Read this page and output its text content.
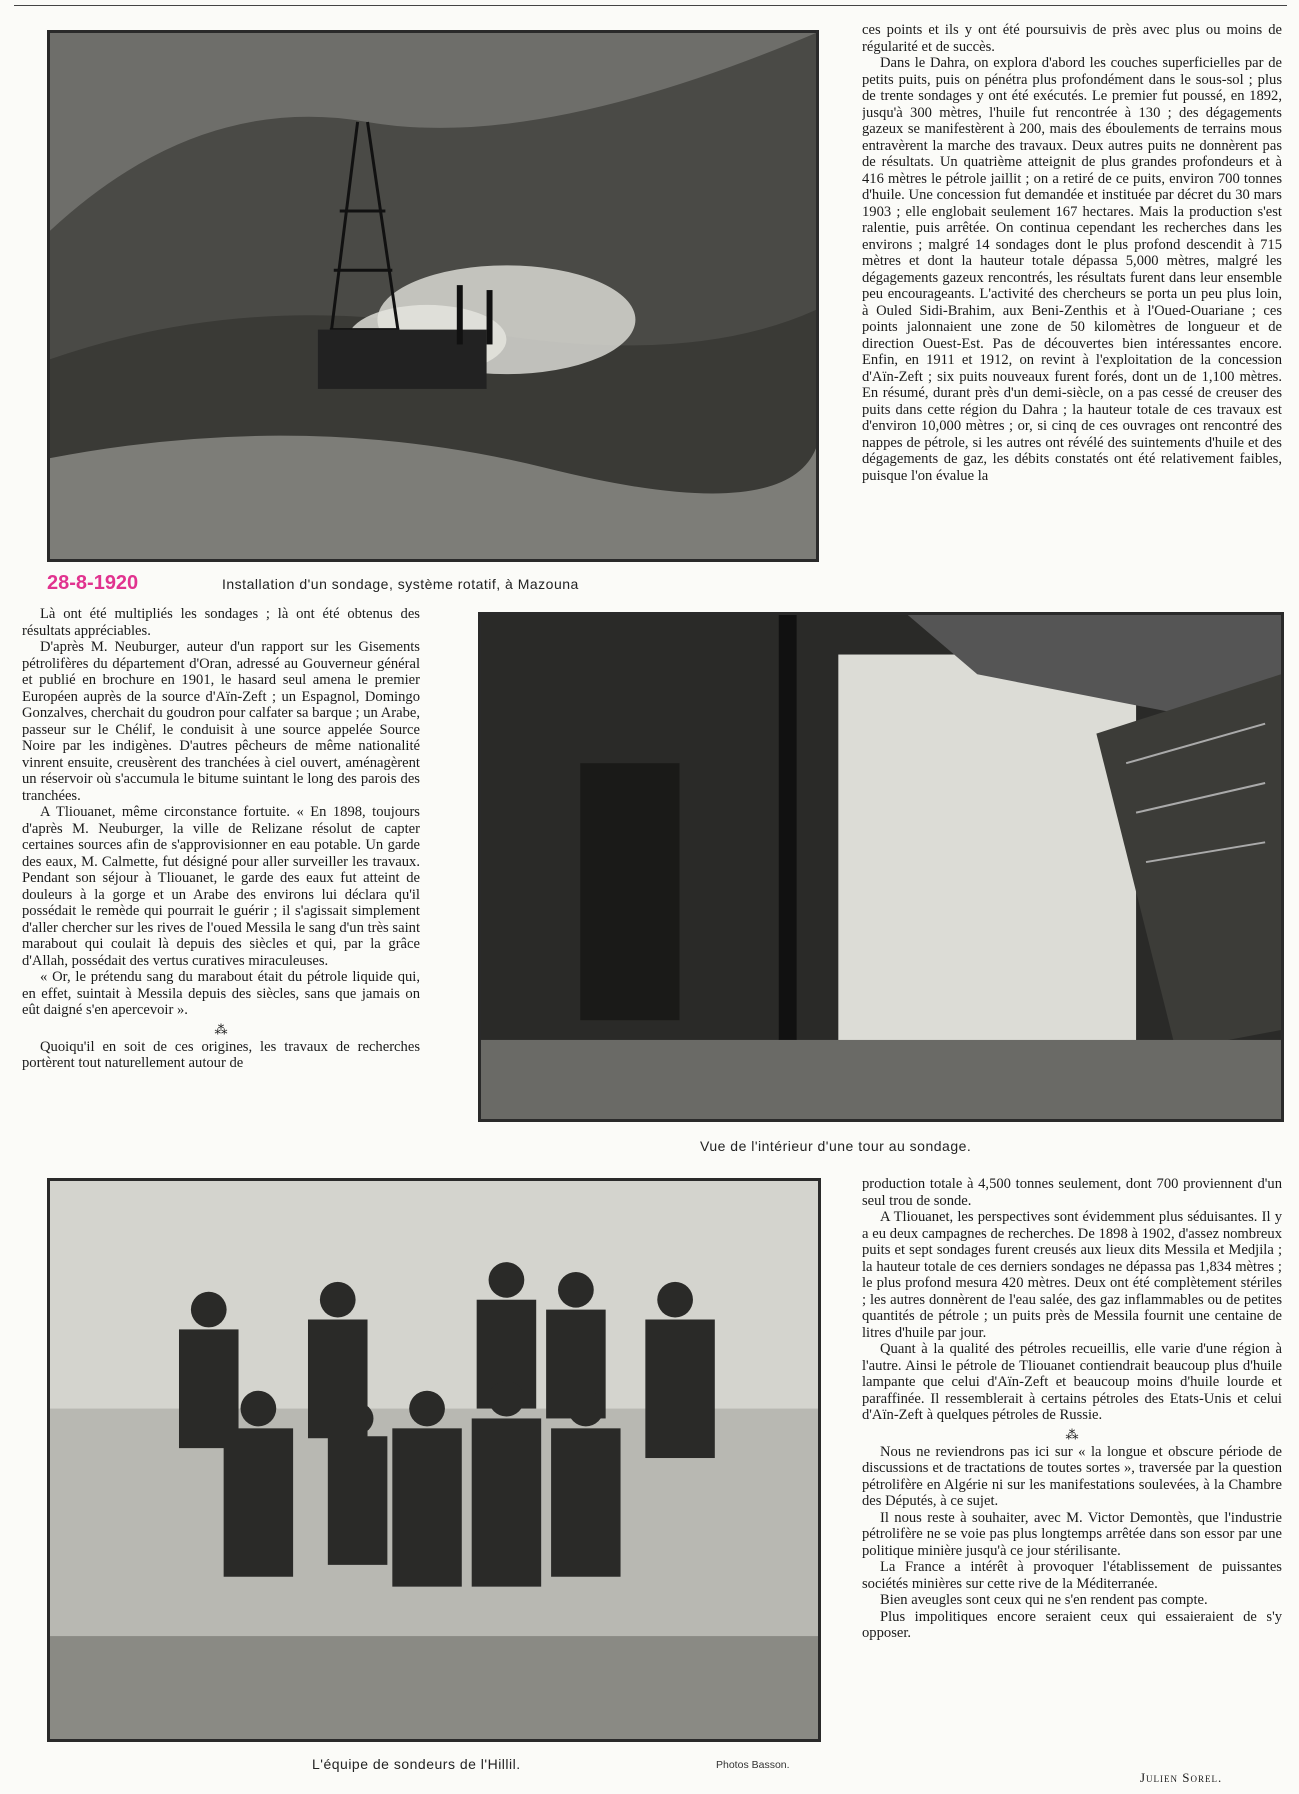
Installation d'un sondage, système rotatif, à Mazouna
28-8-1920

ces points et ils y ont été poursuivis de près avec plus ou moins de régularité et de succès.

Dans le Dahra, on explora d'abord les couches superficielles par de petits puits, puis on pénétra plus profondément dans le sous-sol ; plus de trente sondages y ont été exécutés. Le premier fut poussé, en 1892, jusqu'à 300 mètres, l'huile fut rencontrée à 130 ; des dégagements gazeux se manifestèrent à 200, mais des éboulements de terrains mous entravèrent la marche des travaux. Deux autres puits ne donnèrent pas de résultats. Un quatrième atteignit de plus grandes profondeurs et à 416 mètres le pétrole jaillit ; on a retiré de ce puits, environ 700 tonnes d'huile. Une concession fut demandée et instituée par décret du 30 mars 1903 ; elle englobait seulement 167 hectares. Mais la production s'est ralentie, puis arrêtée. On continua cependant les recherches dans les environs ; malgré 14 sondages dont le plus profond descendit à 715 mètres et dont la hauteur totale dépassa 5,000 mètres, malgré les dégagements gazeux rencontrés, les résultats furent dans leur ensemble peu encourageants. L'activité des chercheurs se porta un peu plus loin, à Ouled Sidi-Brahim, aux Beni-Zenthis et à l'Oued-Ouariane ; ces points jalonnaient une zone de 50 kilomètres de longueur et de direction Ouest-Est. Pas de découvertes bien intéressantes encore. Enfin, en 1911 et 1912, on revint à l'exploitation de la concession d'Aïn-Zeft ; six puits nouveaux furent forés, dont un de 1,100 mètres. En résumé, durant près d'un demi-siècle, on a pas cessé de creuser des puits dans cette région du Dahra ; la hauteur totale de ces travaux est d'environ 10,000 mètres ; or, si cinq de ces ouvrages ont rencontré des nappes de pétrole, si les autres ont révélé des suintements d'huile et des dégagements de gaz, les débits constatés ont été relativement faibles, puisque l'on évalue la

Là ont été multipliés les sondages ; là ont été obtenus des résultats appréciables.

D'après M. Neuburger, auteur d'un rapport sur les Gisements pétrolifères du département d'Oran, adressé au Gouverneur général et publié en brochure en 1901, le hasard seul amena le premier Européen auprès de la source d'Aïn-Zeft ; un Espagnol, Domingo Gonzalves, cherchait du goudron pour calfater sa barque ; un Arabe, passeur sur le Chélif, le conduisit à une source appelée Source Noire par les indigènes. D'autres pêcheurs de même nationalité vinrent ensuite, creusèrent des tranchées à ciel ouvert, aménagèrent un réservoir où s'accumula le bitume suintant le long des parois des tranchées.

A Tliouanet, même circonstance fortuite. « En 1898, toujours d'après M. Neuburger, la ville de Relizane résolut de capter certaines sources afin de s'approvisionner en eau potable. Un garde des eaux, M. Calmette, fut désigné pour aller surveiller les travaux. Pendant son séjour à Tliouanet, le garde des eaux fut atteint de douleurs à la gorge et un Arabe des environs lui déclara qu'il possédait le remède qui pourrait le guérir ; il s'agissait simplement d'aller chercher sur les rives de l'oued Messila le sang d'un très saint marabout qui coulait là depuis des siècles et qui, par la grâce d'Allah, possédait des vertus curatives miraculeuses.

« Or, le prétendu sang du marabout était du pétrole liquide qui, en effet, suintait à Messila depuis des siècles, sans que jamais on eût daigné s'en apercevoir ».

⁂

Quoiqu'il en soit de ces origines, les travaux de recherches portèrent tout naturellement autour de

Vue de l'intérieur d'une tour au sondage.
L'équipe de sondeurs de l'Hillil.	Photos Basson.

production totale à 4,500 tonnes seulement, dont 700 proviennent d'un seul trou de sonde.

A Tliouanet, les perspectives sont évidemment plus séduisantes. Il y a eu deux campagnes de recherches. De 1898 à 1902, d'assez nombreux puits et sept sondages furent creusés aux lieux dits Messila et Medjila ; la hauteur totale de ces derniers sondages ne dépassa pas 1,834 mètres ; le plus profond mesura 420 mètres. Deux ont été complètement stériles ; les autres donnèrent de l'eau salée, des gaz inflammables ou de petites quantités de pétrole ; un puits près de Messila fournit une centaine de litres d'huile par jour.

Quant à la qualité des pétroles recueillis, elle varie d'une région à l'autre. Ainsi le pétrole de Tliouanet contiendrait beaucoup plus d'huile lampante que celui d'Aïn-Zeft et beaucoup moins d'huile lourde et paraffinée. Il ressemblerait à certains pétroles des Etats-Unis et celui d'Aïn-Zeft à quelques pétroles de Russie.

⁂

Nous ne reviendrons pas ici sur « la longue et obscure période de discussions et de tractations de toutes sortes », traversée par la question pétrolifère en Algérie ni sur les manifestations soulevées, à la Chambre des Députés, à ce sujet.

Il nous reste à souhaiter, avec M. Victor Demontès, que l'industrie pétrolifère ne se voie pas plus longtemps arrêtée dans son essor par une politique minière jusqu'à ce jour stérilisante.

La France a intérêt à provoquer l'établissement de puissantes sociétés minières sur cette rive de la Méditerranée.

Bien aveugles sont ceux qui ne s'en rendent pas compte.

Plus impolitiques encore seraient ceux qui essaieraient de s'y opposer.

Julien Sorel.
